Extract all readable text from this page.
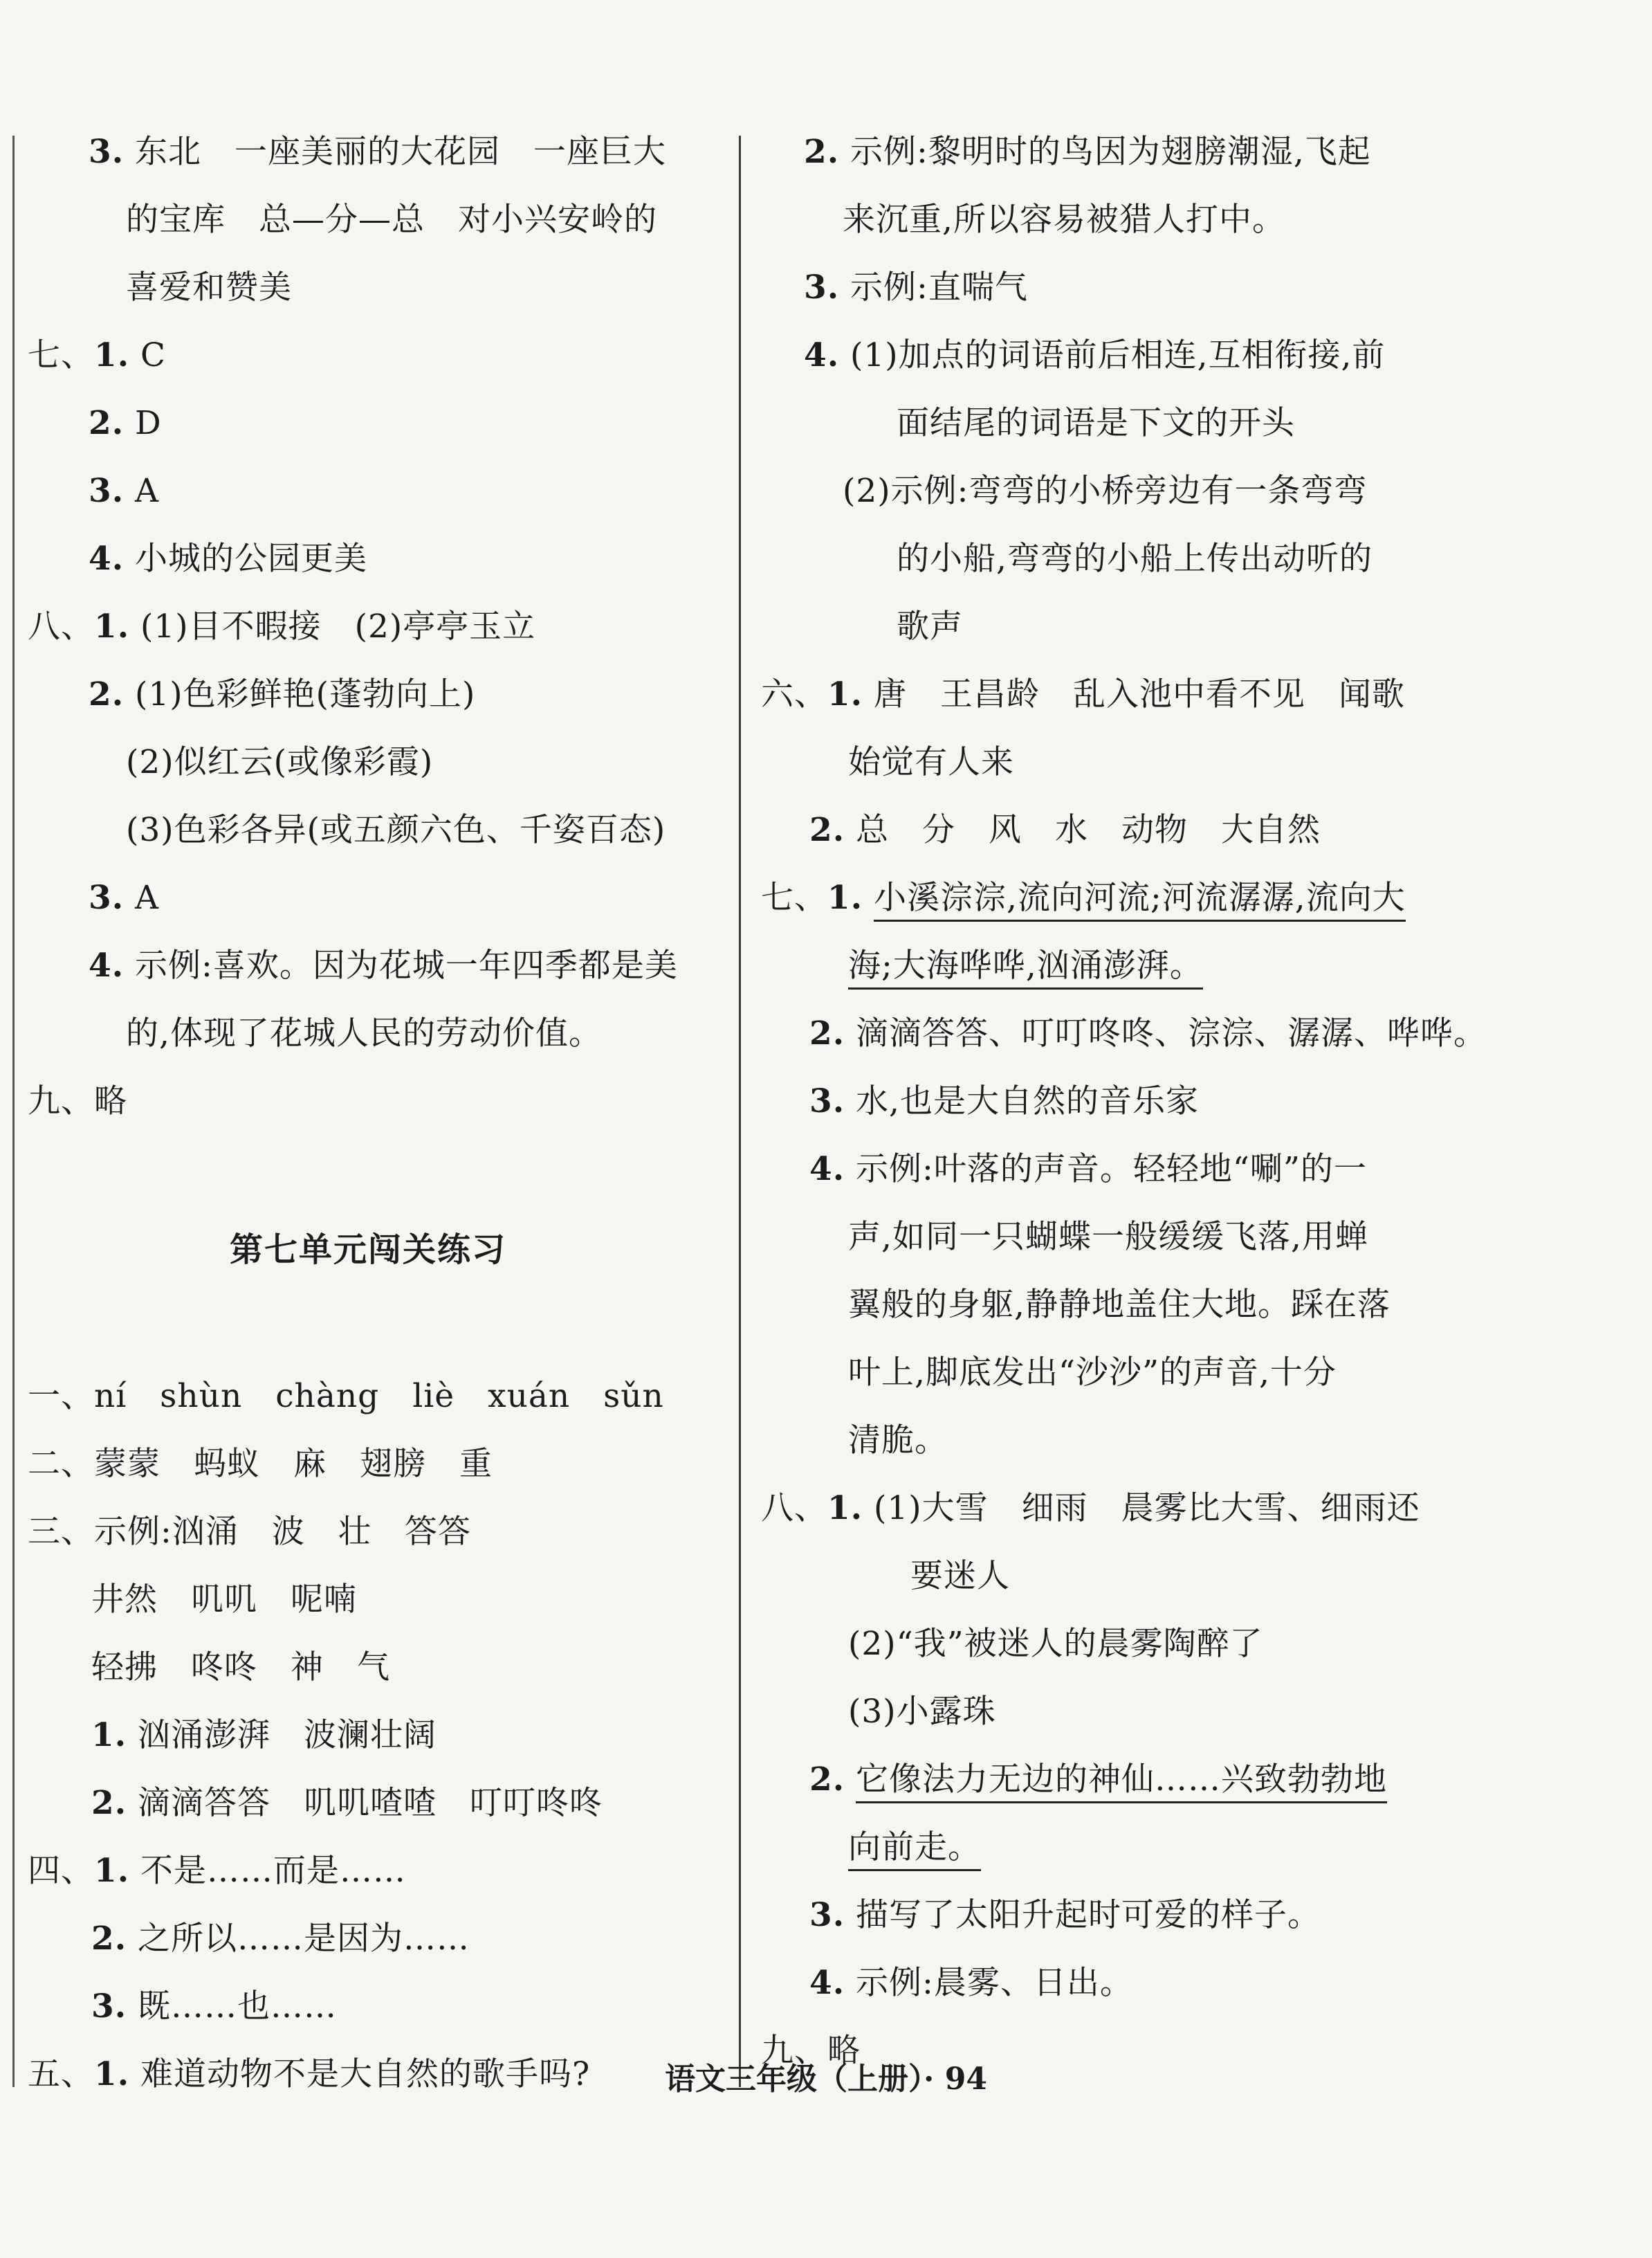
3. 东北　一座美丽的大花园　一座巨大
的宝库　总—分—总　对小兴安岭的
喜爱和赞美
七、1. C
2. D
3. A
4. 小城的公园更美
八、1. (1)目不暇接　(2)亭亭玉立
2. (1)色彩鲜艳(蓬勃向上)
(2)似红云(或像彩霞)
(3)色彩各异(或五颜六色、千姿百态)
3. A
4. 示例:喜欢。因为花城一年四季都是美
的,体现了花城人民的劳动价值。
九、略
第七单元闯关练习
一、ní　shùn　chàng　liè　xuán　sǔn
二、蒙蒙　蚂蚁　麻　翅膀　重
三、示例:汹涌　波　壮　答答
井然　叽叽　呢喃
轻拂　咚咚　神　气
1. 汹涌澎湃　波澜壮阔
2. 滴滴答答　叽叽喳喳　叮叮咚咚
四、1. 不是……而是……
2. 之所以……是因为……
3. 既……也……
五、1. 难道动物不是大自然的歌手吗?
2. 示例:黎明时的鸟因为翅膀潮湿,飞起
来沉重,所以容易被猎人打中。
3. 示例:直喘气
4. (1)加点的词语前后相连,互相衔接,前
面结尾的词语是下文的开头
(2)示例:弯弯的小桥旁边有一条弯弯
的小船,弯弯的小船上传出动听的
歌声
六、1. 唐　王昌龄　乱入池中看不见　闻歌
始觉有人来
2. 总　分　风　水　动物　大自然
七、1. 小溪淙淙,流向河流;河流潺潺,流向大
海;大海哗哗,汹涌澎湃。
2. 滴滴答答、叮叮咚咚、淙淙、潺潺、哗哗。
3. 水,也是大自然的音乐家
4. 示例:叶落的声音。轻轻地“唰”的一
声,如同一只蝴蝶一般缓缓飞落,用蝉
翼般的身躯,静静地盖住大地。踩在落
叶上,脚底发出“沙沙”的声音,十分
清脆。
八、1. (1)大雪　细雨　晨雾比大雪、细雨还
要迷人
(2)“我”被迷人的晨雾陶醉了
(3)小露珠
2. 它像法力无边的神仙……兴致勃勃地
向前走。
3. 描写了太阳升起时可爱的样子。
4. 示例:晨雾、日出。
九、略
语文三年级（上册）· 94
